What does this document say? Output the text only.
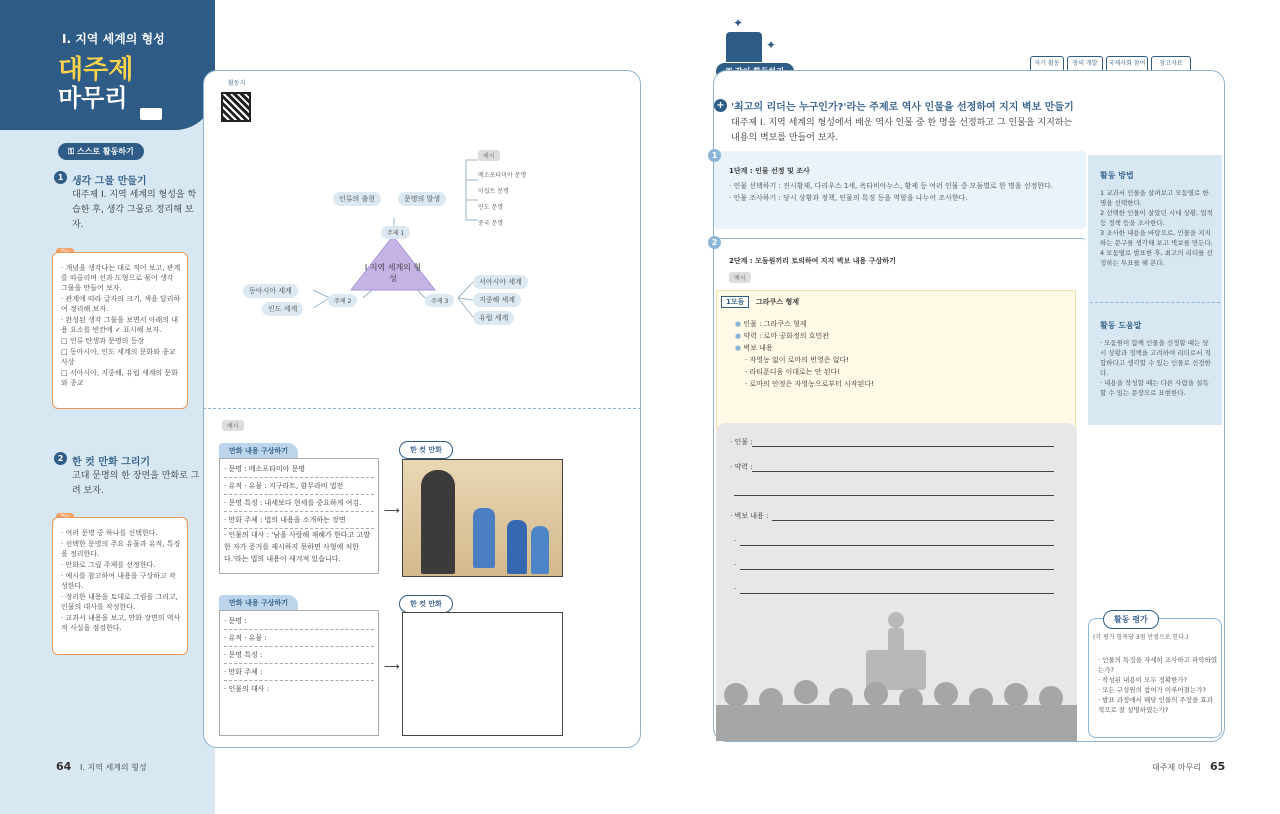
Ⅰ. 지역 세계의 형성
대주제
마무리
⚿ 스스로 활동하기
1 생각 그물 만들기
대주제 Ⅰ. 지역 세계의 형성을 학습한 후, 생각 그물로 정리해 보자.
· 개념을 생각나는 대로 적어 보고, 관계를 따올리며 선과 도형으로 묶어 생각 그물을 만들어 보자.
· 관계에 따라 글자의 크기, 색을 달리하여 정리해 보자.
· 완성된 생각 그물을 보면서 아래의 내용 요소를 빈칸에 ✓ 표시해 보자.
□ 인류 탄생과 문명의 등장
□ 동아시아, 인도 세계의 문화와 종교 사상
□ 서아시아, 지중해, 유럽 세계의 문화와 종교
2 한 컷 만화 그리기
고대 문명의 한 장면을 만화로 그려 보자.
· 여러 문명 중 하나를 선택한다.
· 선택한 문명의 주요 유물과 유적, 특징을 정리한다.
· 만화로 그릴 주제를 선정한다.
· 예시를 참고하여 내용을 구상하고 작성한다.
· 정리한 내용을 토대로 그림을 그리고, 인물의 대사를 작성한다.
· 교과서 내용을 보고, 만화 장면의 역사적 사실을 점검한다.
64 Ⅰ. 지역 세계의 형성
활동지
예시
인류의 출현	문명의 발생
메소포타미아 문명
이집트 문명
인도 문명
중국 문명
주제 1
Ⅰ 지역 세계의 형성
주제 2	주제 3
동아시아 세계
인도 세계
서아시아 세계
지중해 세계
유럽 세계
예시
만화 내용 구상하기
· 문명 : 메소포타미아 문명
· 유적 · 유물 : 지구라트, 함무라비 법전
· 문명 특징 : 내세보다 현세를 중요하게 여김.
· 만화 주제 : 법의 내용을 소개하는 장면
· 인물의 대사 : '남을 사랑해 재혜가 한다고 고발한 자가 증거를 제시하지 못하면 사형에 처한다.'라는 법의 내용이 새겨져 있습니다.
⟶
한 컷 만화
만화 내용 구상하기
· 문명 :
· 유적 · 유물 :
· 문명 특징 :
· 만화 주제 :
· 인물의 대사 :
⟶
한 컷 만화
✦
✦
자기 활동	창의 개발	국제사회 참여	참고자료
+ '최고의 리더는 누구인가?'라는 주제로 역사 인물을 선정하여 지지 벽보 만들기
대주제 Ⅰ. 지역 세계의 형성에서 배운 역사 인물 중 한 명을 선정하고 그 인물을 지지하는 내용의 벽보를 만들어 보자.
1
1단계 : 인물 선정 및 조사
· 인물 선택하기 : 진시황제, 다리우스 1세, 옥타비아누스, 황제 등 여러 인물 중 모둠별로 한 명을 선정한다.
· 인물 조사하기 : 당시 상황과 정책, 인물의 특징 등을 역할을 나누어 조사한다.
2
2단계 : 모둠원끼리 토의하여 지지 벽보 내용 구상하기
예시
1모둠	그라쿠스 형제
● 인물 : 그라쿠스 형제
● 약력 : 로마 공화정의 호민관
● 벽보 내용
· 자영농 없이 로마의 번영은 없다!
· 라티푼디움 이대로는 안 된다!
· 로마의 안정은 자영농으로부터 시작된다!
· 인물 :
· 약력 :
· 벽보 내용 :
·
·
·
활동 방법
1 교과서 인물을 살펴보고 모둠별로 한 명을 선택한다.
2 선택한 인물이 살았던 시대 상황, 업적 등 정책 등을 조사한다.
3 조사한 내용을 바탕으로, 인물을 지지하는 문구를 생각해 보고 벽보를 만든다.
4 모둠별로 발표한 후, 최고의 리더를 선정하는 투표를 해 본다.
활동 도움말
· 모둠원이 함께 인물을 선정할 때는 당시 상황과 정책을 고려하여 리더로서 적합하다고 생각할 수 있는 인물로 선정한다.
· 내용을 작성할 때는 다른 사람을 설득할 수 있는 문장으로 표현한다.
활동 평가
(각 평가 항목당 3점 만점으로 한다.)
· 인물의 특징을 자세히 조사하고 파악하였는가?
· 작성된 내용이 모두 정확한가?
· 모든 구성원의 참여가 이루어졌는가?
· 발표 과정에서 해당 인물의 주장을 효과적으로 잘 설명하였는가?
대주제 마무리 65
